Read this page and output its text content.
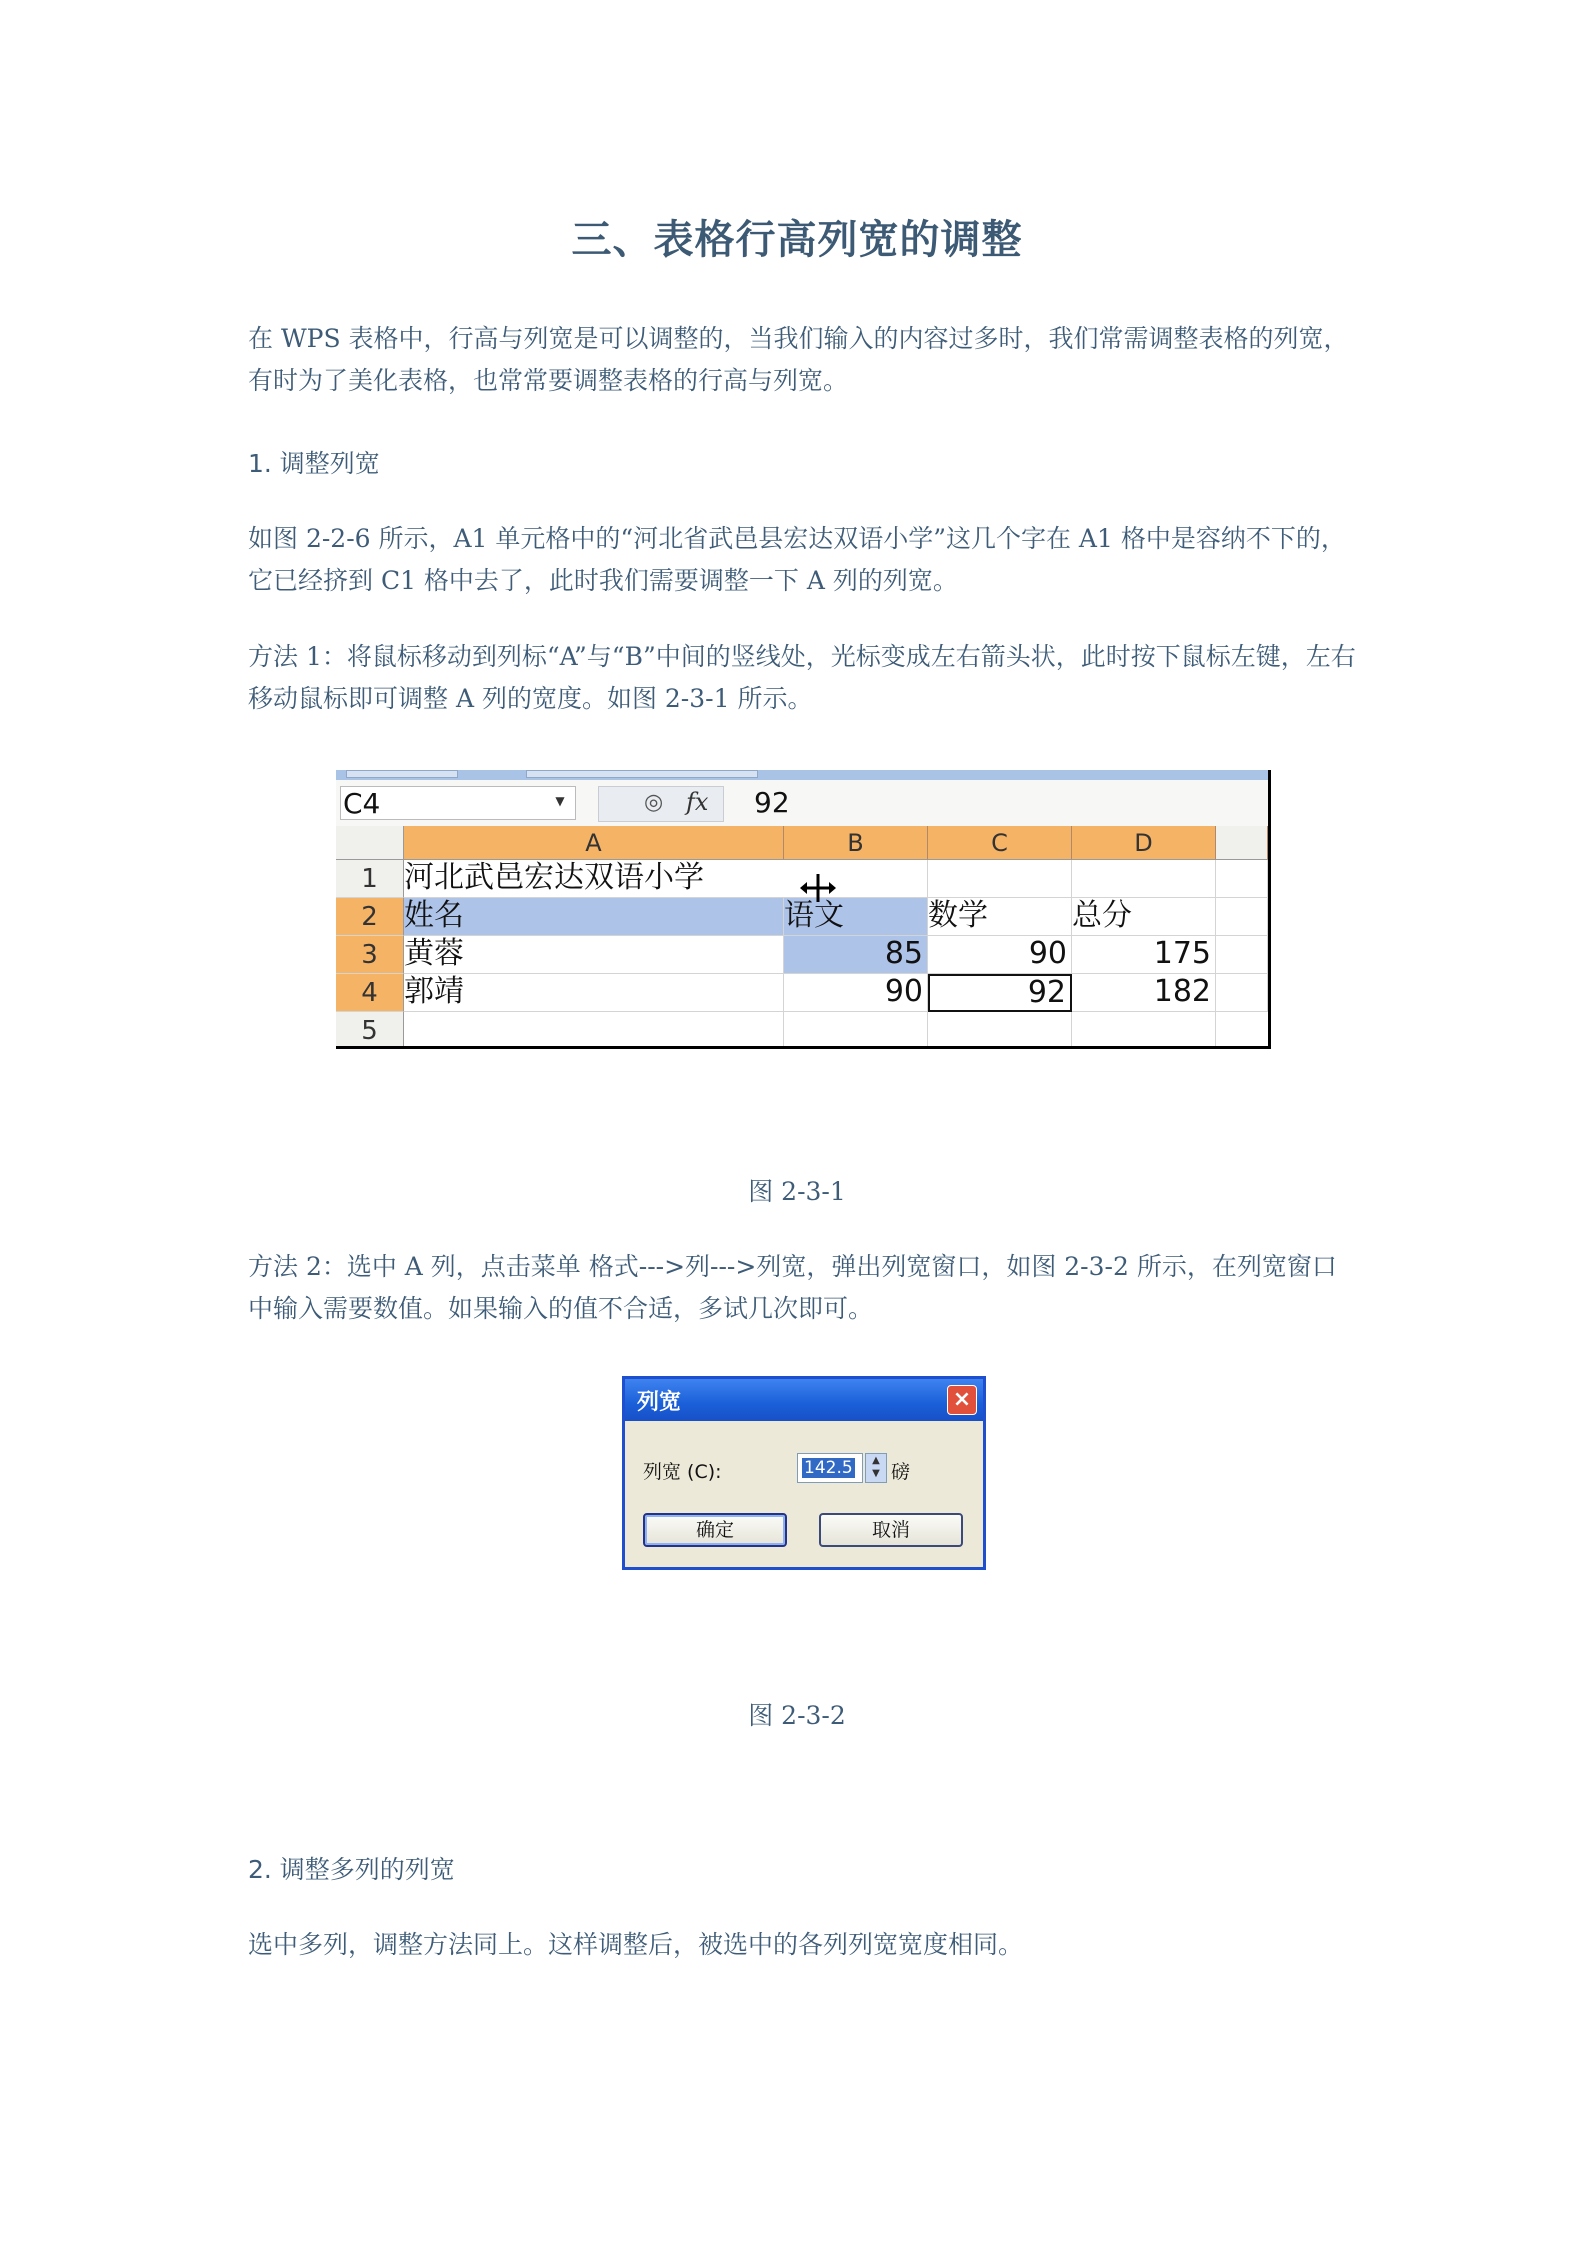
三、表格行高列宽的调整
在 WPS 表格中，行高与列宽是可以调整的，当我们输入的内容过多时，我们常需调整表格的列宽，有时为了美化表格，也常常要调整表格的行高与列宽。
1. 调整列宽
如图 2-2-6 所示，A1 单元格中的“河北省武邑县宏达双语小学”这几个字在 A1 格中是容纳不下的，它已经挤到 C1 格中去了，此时我们需要调整一下 A 列的列宽。
方法 1：将鼠标移动到列标“A”与“B”中间的竖线处，光标变成左右箭头状，此时按下鼠标左键，左右移动鼠标即可调整 A 列的宽度。如图 2-3-1 所示。
C4	▼	◎ fx 92
A	B	C	D
1 河北武邑宏达双语小学
2 姓名	语文	数学	总分
3 黄蓉	85	90	175
4 郭靖	90	92	182
5
图 2-3-1
方法 2：选中 A 列，点击菜单 格式--->列--->列宽，弹出列宽窗口，如图 2-3-2 所示，在列宽窗口中输入需要数值。如果输入的值不合适，多试几次即可。
列宽	×
列宽 (C):	142.5	▲
▼ 磅
确定	取消
图 2-3-2
2. 调整多列的列宽
选中多列，调整方法同上。这样调整后，被选中的各列列宽宽度相同。
